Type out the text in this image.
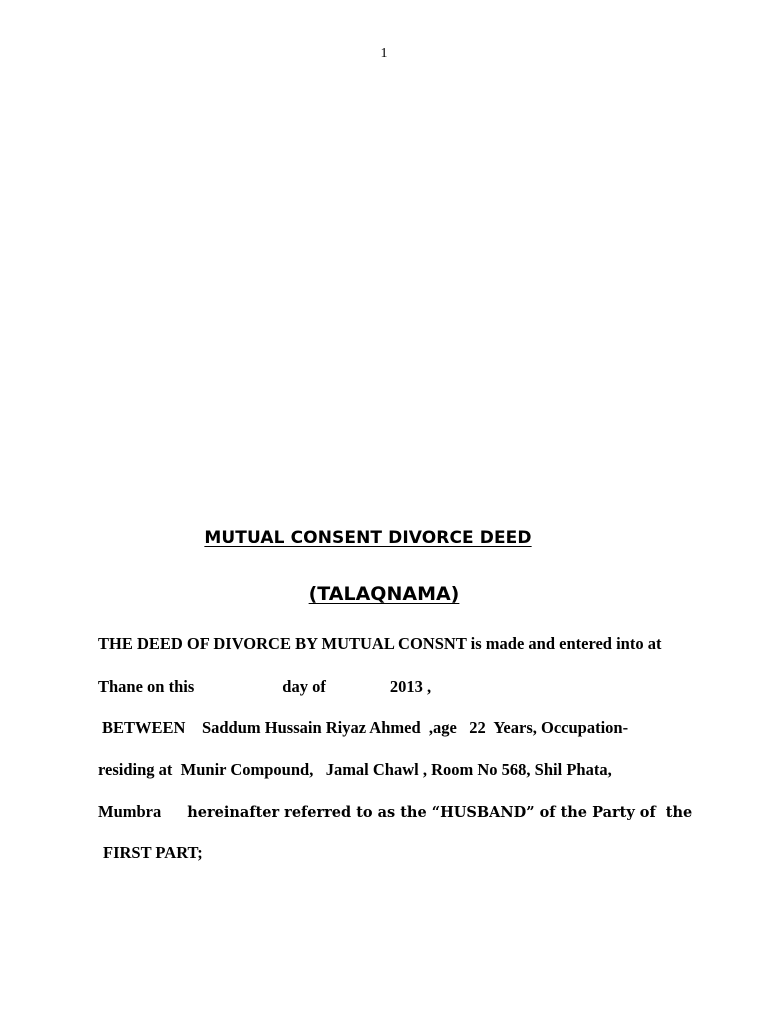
1
MUTUAL CONSENT DIVORCE DEED
(TALAQNAMA)
THE DEED OF DIVORCE BY MUTUAL CONSNT is made and entered into at
Thane on this	day of	2013 ,
BETWEEN    Saddum Hussain Riyaz Ahmed  ,age   22  Years, Occupation-
residing at  Munir Compound,   Jamal Chawl , Room No 568, Shil Phata,
Mumbra hereinafter referred to as the “HUSBAND” of the Party of  the
FIRST PART;
